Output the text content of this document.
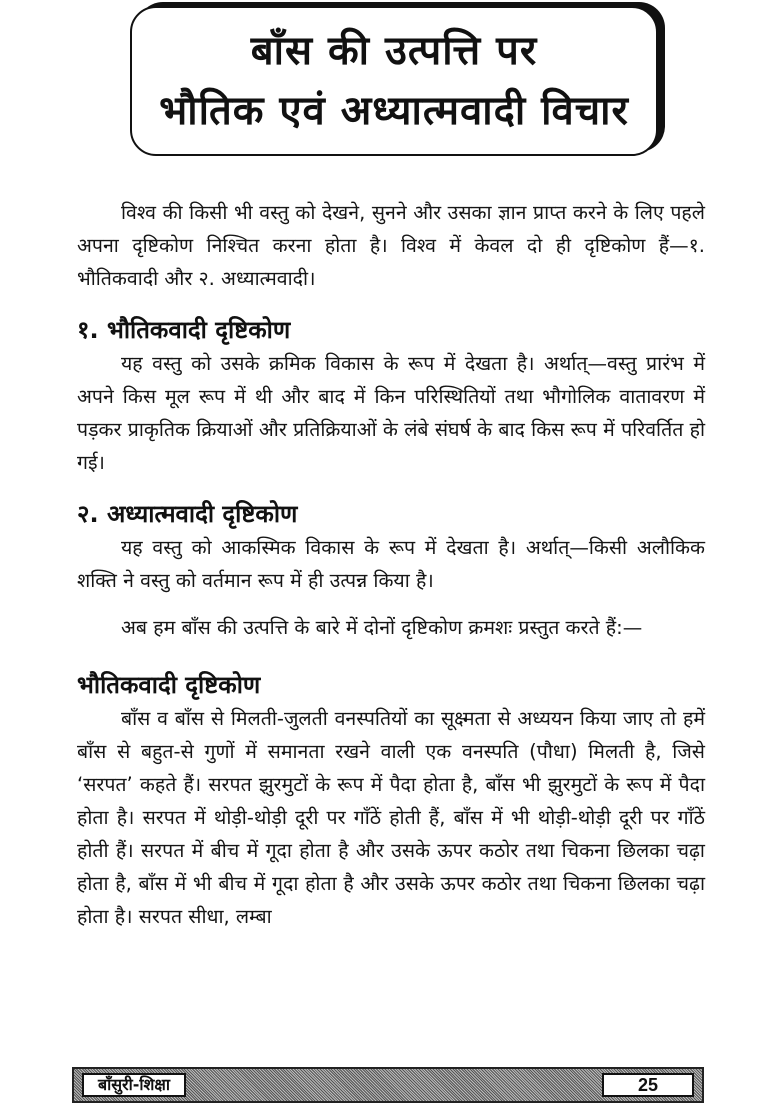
बाँस की उत्पत्ति पर
भौतिक एवं अध्यात्मवादी विचार

विश्व की किसी भी वस्तु को देखने, सुनने और उसका ज्ञान प्राप्त करने के लिए पहले अपना दृष्टिकोण निश्चित करना होता है। विश्व में केवल दो ही दृष्टिकोण हैं—१. भौतिकवादी और २. अध्यात्मवादी।

१. भौतिकवादी दृष्टिकोण

यह वस्तु को उसके क्रमिक विकास के रूप में देखता है। अर्थात्—वस्तु प्रारंभ में अपने किस मूल रूप में थी और बाद में किन परिस्थितियों तथा भौगोलिक वातावरण में पड़कर प्राकृतिक क्रियाओं और प्रतिक्रियाओं के लंबे संघर्ष के बाद किस रूप में परिवर्तित हो गई।

२. अध्यात्मवादी दृष्टिकोण

यह वस्तु को आकस्मिक विकास के रूप में देखता है। अर्थात्—किसी अलौकिक शक्ति ने वस्तु को वर्तमान रूप में ही उत्पन्न किया है।

अब हम बाँस की उत्पत्ति के बारे में दोनों दृष्टिकोण क्रमशः प्रस्तुत करते हैं:—

भौतिकवादी दृष्टिकोण

बाँस व बाँस से मिलती-जुलती वनस्पतियों का सूक्ष्मता से अध्ययन किया जाए तो हमें बाँस से बहुत-से गुणों में समानता रखने वाली एक वनस्पति (पौधा) मिलती है, जिसे ‘सरपत’ कहते हैं। सरपत झुरमुटों के रूप में पैदा होता है, बाँस भी झुरमुटों के रूप में पैदा होता है। सरपत में थोड़ी-थोड़ी दूरी पर गाँठें होती हैं, बाँस में भी थोड़ी-थोड़ी दूरी पर गाँठें होती हैं। सरपत में बीच में गूदा होता है और उसके ऊपर कठोर तथा चिकना छिलका चढ़ा होता है, बाँस में भी बीच में गूदा होता है और उसके ऊपर कठोर तथा चिकना छिलका चढ़ा होता है। सरपत सीधा, लम्बा

बाँसुरी-शिक्षा	25
